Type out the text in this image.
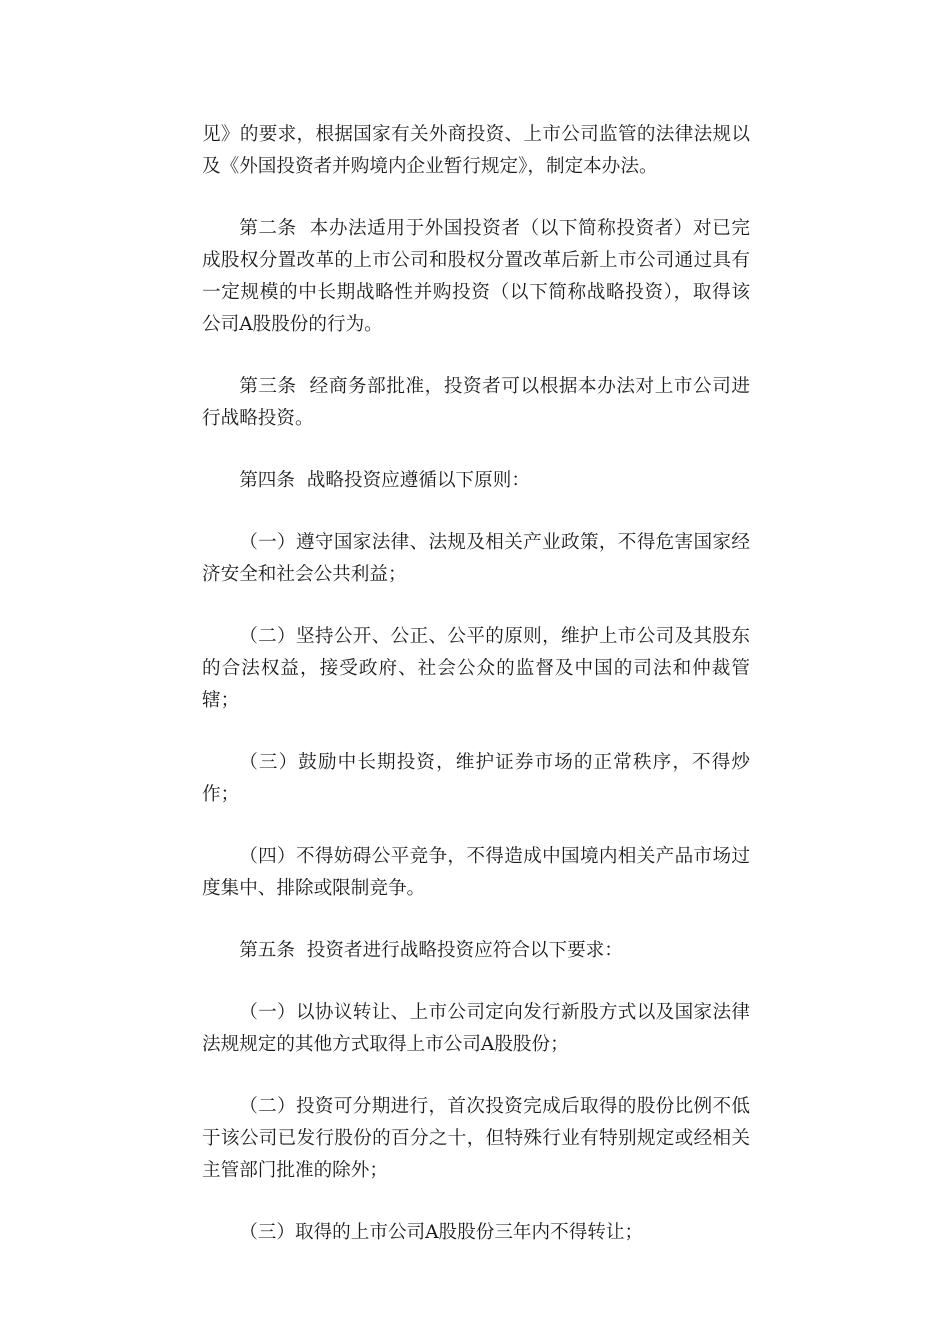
见》的要求，根据国家有关外商投资、上市公司监管的法律法规以及《外国投资者并购境内企业暂行规定》，制定本办法。

第二条  本办法适用于外国投资者（以下简称投资者）对已完成股权分置改革的上市公司和股权分置改革后新上市公司通过具有一定规模的中长期战略性并购投资（以下简称战略投资），取得该公司A股股份的行为。

第三条  经商务部批准，投资者可以根据本办法对上市公司进行战略投资。

第四条  战略投资应遵循以下原则：

（一）遵守国家法律、法规及相关产业政策，不得危害国家经济安全和社会公共利益；

（二）坚持公开、公正、公平的原则，维护上市公司及其股东的合法权益，接受政府、社会公众的监督及中国的司法和仲裁管辖；

（三）鼓励中长期投资，维护证券市场的正常秩序，不得炒作；

（四）不得妨碍公平竞争，不得造成中国境内相关产品市场过度集中、排除或限制竞争。

第五条  投资者进行战略投资应符合以下要求：

（一）以协议转让、上市公司定向发行新股方式以及国家法律法规规定的其他方式取得上市公司A股股份；

（二）投资可分期进行，首次投资完成后取得的股份比例不低于该公司已发行股份的百分之十，但特殊行业有特别规定或经相关主管部门批准的除外；

（三）取得的上市公司A股股份三年内不得转让；
